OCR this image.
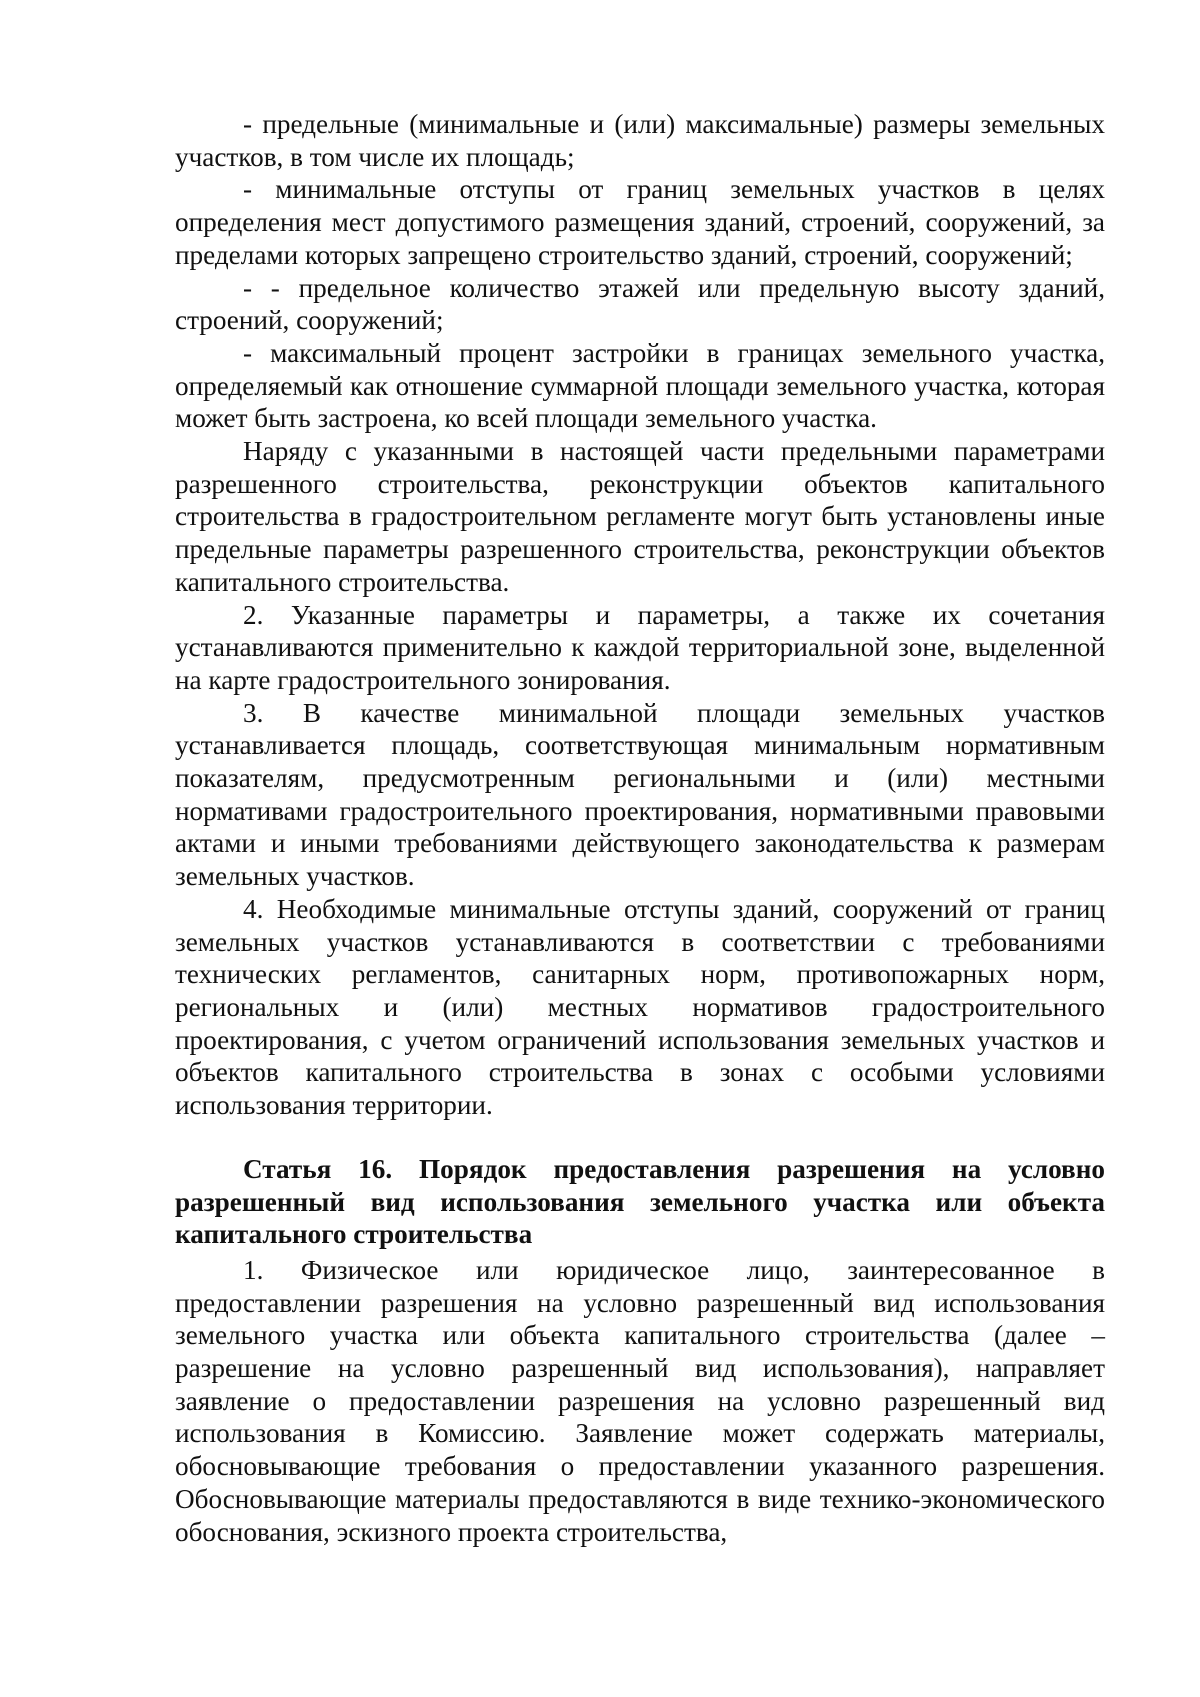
- предельные (минимальные и (или) максимальные) размеры земельных участков, в том числе их площадь;

- минимальные отступы от границ земельных участков в целях определения мест допустимого размещения зданий, строений, сооружений, за пределами которых запрещено строительство зданий, строений, сооружений;

- - предельное количество этажей или предельную высоту зданий, строений, сооружений;

- максимальный процент застройки в границах земельного участка, определяемый как отношение суммарной площади земельного участка, которая может быть застроена, ко всей площади земельного участка.

Наряду с указанными в настоящей части предельными параметрами разрешенного строительства, реконструкции объектов капитального строительства в градостроительном регламенте могут быть установлены иные предельные параметры разрешенного строительства, реконструкции объектов капитального строительства.

2. Указанные параметры и параметры, а также их сочетания устанавливаются применительно к каждой территориальной зоне, выделенной на карте градостроительного зонирования.

3. В качестве минимальной площади земельных участков устанавливается площадь, соответствующая минимальным нормативным показателям, предусмотренным региональными и (или) местными нормативами градостроительного проектирования, нормативными правовыми актами и иными требованиями действующего законодательства к размерам земельных участков.

4. Необходимые минимальные отступы зданий, сооружений от границ земельных участков устанавливаются в соответствии с требованиями технических регламентов, санитарных норм, противопожарных норм, региональных и (или) местных нормативов градостроительного проектирования, с учетом ограничений использования земельных участков и объектов капитального строительства в зонах с особыми условиями использования территории.

Статья 16. Порядок предоставления разрешения на условно разрешенный вид использования земельного участка или объекта капитального строительства

1. Физическое или юридическое лицо, заинтересованное в предоставлении разрешения на условно разрешенный вид использования земельного участка или объекта капитального строительства (далее – разрешение на условно разрешенный вид использования), направляет заявление о предоставлении разрешения на условно разрешенный вид использования в Комиссию. Заявление может содержать материалы, обосновывающие требования о предоставлении указанного разрешения. Обосновывающие материалы предоставляются в виде технико-экономического обоснования, эскизного проекта строительства,
